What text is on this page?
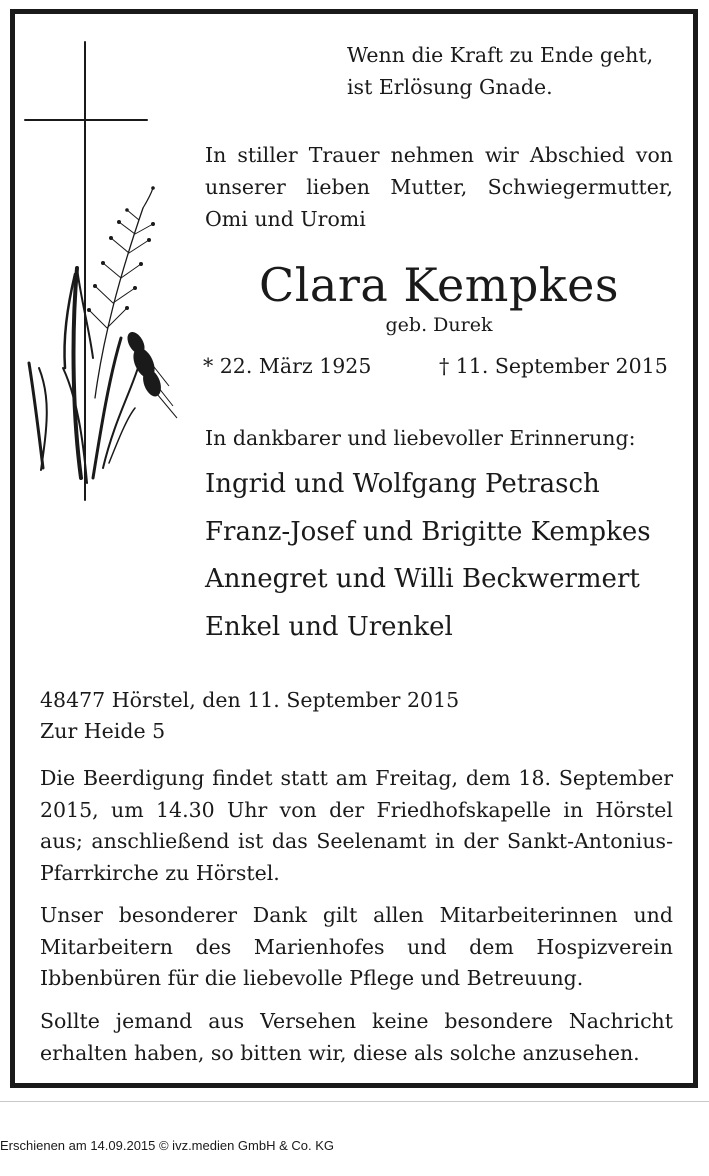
Wenn die Kraft zu Ende geht,
ist Erlösung Gnade.

In stiller Trauer nehmen wir Abschied von unserer lieben Mutter, Schwiegermutter, Omi und Uromi

Clara Kempkes

geb. Durek

* 22. März 1925	† 11. September 2015

In dankbarer und liebevoller Erinnerung:

Ingrid und Wolfgang Petrasch
Franz-Josef und Brigitte Kempkes
Annegret und Willi Beckwermert
Enkel und Urenkel

48477 Hörstel, den 11. September 2015
Zur Heide 5

Die Beerdigung findet statt am Freitag, dem 18. September 2015, um 14.30 Uhr von der Friedhofskapelle in Hörstel aus; anschließend ist das Seelenamt in der Sankt-Antonius-Pfarrkirche zu Hörstel.

Unser besonderer Dank gilt allen Mitarbeiterinnen und Mitarbeitern des Marienhofes und dem Hospizverein Ibbenbüren für die liebevolle Pflege und Betreuung.

Sollte jemand aus Versehen keine besondere Nachricht erhalten haben, so bitten wir, diese als solche anzusehen.

Erschienen am 14.09.2015 © ivz.medien GmbH & Co. KG
